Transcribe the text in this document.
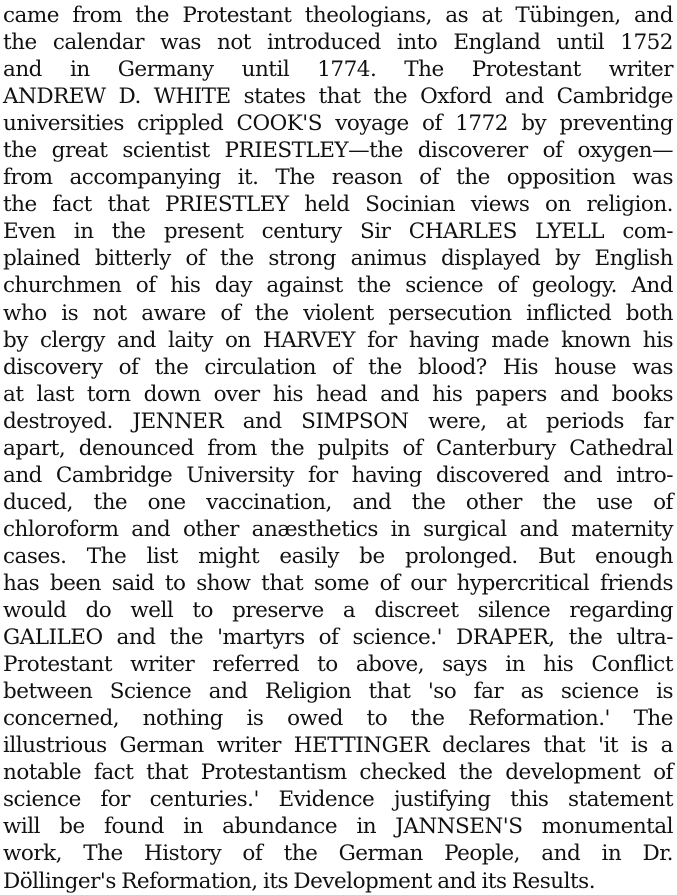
came from the Protestant theologians, as at Tübingen, and
the calendar was not introduced into England until 1752
and in Germany until 1774. The Protestant writer
ANDREW D. WHITE states that the Oxford and Cambridge
universities crippled COOK'S voyage of 1772 by preventing
the great scientist PRIESTLEY—the discoverer of oxygen—
from accompanying it. The reason of the opposition was
the fact that PRIESTLEY held Socinian views on religion.
Even in the present century Sir CHARLES LYELL com-
plained bitterly of the strong animus displayed by English
churchmen of his day against the science of geology. And
who is not aware of the violent persecution inflicted both
by clergy and laity on HARVEY for having made known his
discovery of the circulation of the blood? His house was
at last torn down over his head and his papers and books
destroyed. JENNER and SIMPSON were, at periods far
apart, denounced from the pulpits of Canterbury Cathedral
and Cambridge University for having discovered and intro-
duced, the one vaccination, and the other the use of
chloroform and other anæsthetics in surgical and maternity
cases. The list might easily be prolonged. But enough
has been said to show that some of our hypercritical friends
would do well to preserve a discreet silence regarding
GALILEO and the 'martyrs of science.' DRAPER, the ultra-
Protestant writer referred to above, says in his Conflict
between Science and Religion that 'so far as science is
concerned, nothing is owed to the Reformation.' The
illustrious German writer HETTINGER declares that 'it is a
notable fact that Protestantism checked the development of
science for centuries.' Evidence justifying this statement
will be found in abundance in JANNSEN'S monumental
work, The History of the German People, and in Dr.
Döllinger's Reformation, its Development and its Results.
